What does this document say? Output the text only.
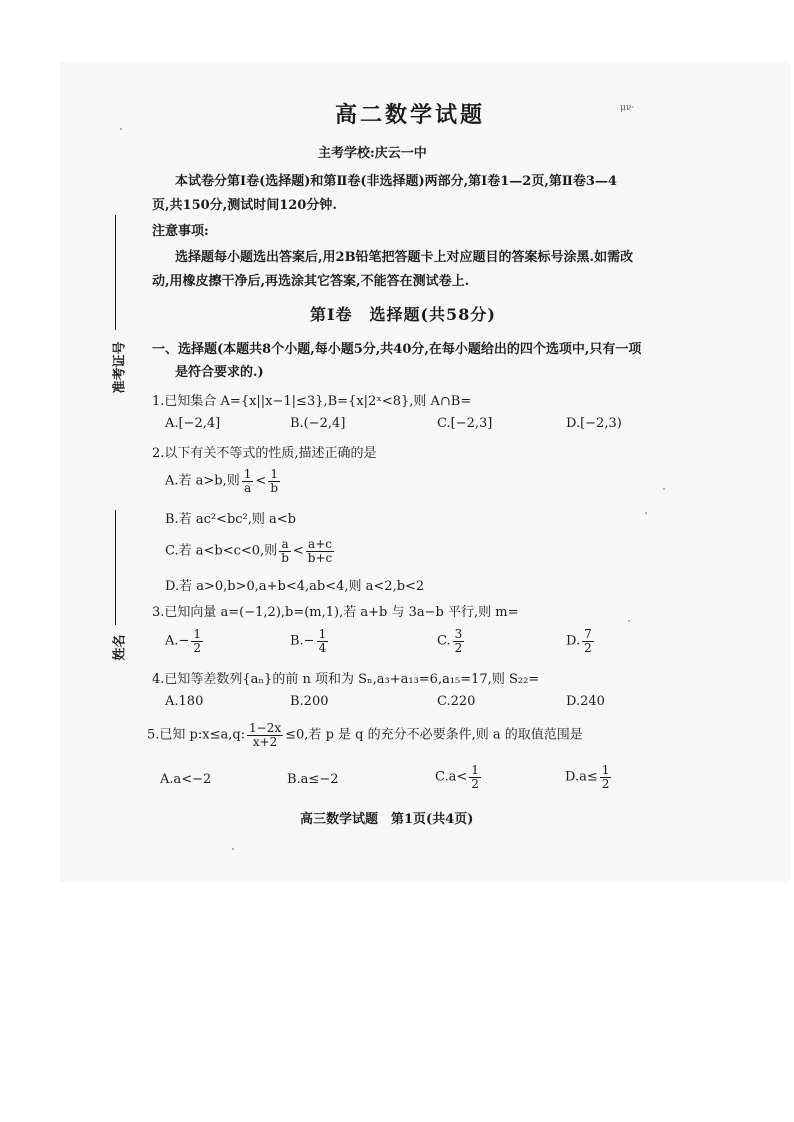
高二数学试题	μν·
主考学校:庆云一中
本试卷分第Ⅰ卷(选择题)和第Ⅱ卷(非选择题)两部分,第Ⅰ卷1—2页,第Ⅱ卷3—4
页,共150分,测试时间120分钟.
注意事项:
选择题每小题选出答案后,用2B铅笔把答题卡上对应题目的答案标号涂黑.如需改
动,用橡皮擦干净后,再选涂其它答案,不能答在测试卷上.
第Ⅰ卷　选择题(共58分)
一、选择题(本题共8个小题,每小题5分,共40分,在每小题给出的四个选项中,只有一项
是符合要求的.)
准考证号
姓名
1.已知集合 A={x||x−1|≤3},B={x|2ˣ<8},则 A∩B=
A.[−2,4]	B.(−2,4]	C.[−2,3]	D.[−2,3)
2.以下有关不等式的性质,描述正确的是
A.若 a>b,则 $\frac{1}{a} < \frac{1}{b}$
B.若 ac²<bc²,则 a<b
C.若 a<b<c<0,则 $\frac{a}{b} < \frac{a+c}{b+c}$
D.若 a>0,b>0,a+b<4,ab<4,则 a<2,b<2
3.已知向量 a=(−1,2),b=(m,1),若 a+b 与 3a−b 平行,则 m=
$A.- \frac{1}{2}$	$B.- \frac{1}{4}$	C. $\frac{3}{2}$	D. $\frac{7}{2}$
4.已知等差数列{aₙ}的前 n 项和为 Sₙ,a₃+a₁₃=6,a₁₅=17,则 S₂₂=
A.180	B.200	C.220	D.240
5.已知 p:x≤a,q: $\frac{1-2x}{x+2} \le 0$,若 p 是 q 的充分不必要条件,则 a 的取值范围是
A.a<−2	B.a≤−2	$C.a< \frac{1}{2}$	$D.a\le \frac{1}{2}$
高三数学试题　第1页(共4页)
